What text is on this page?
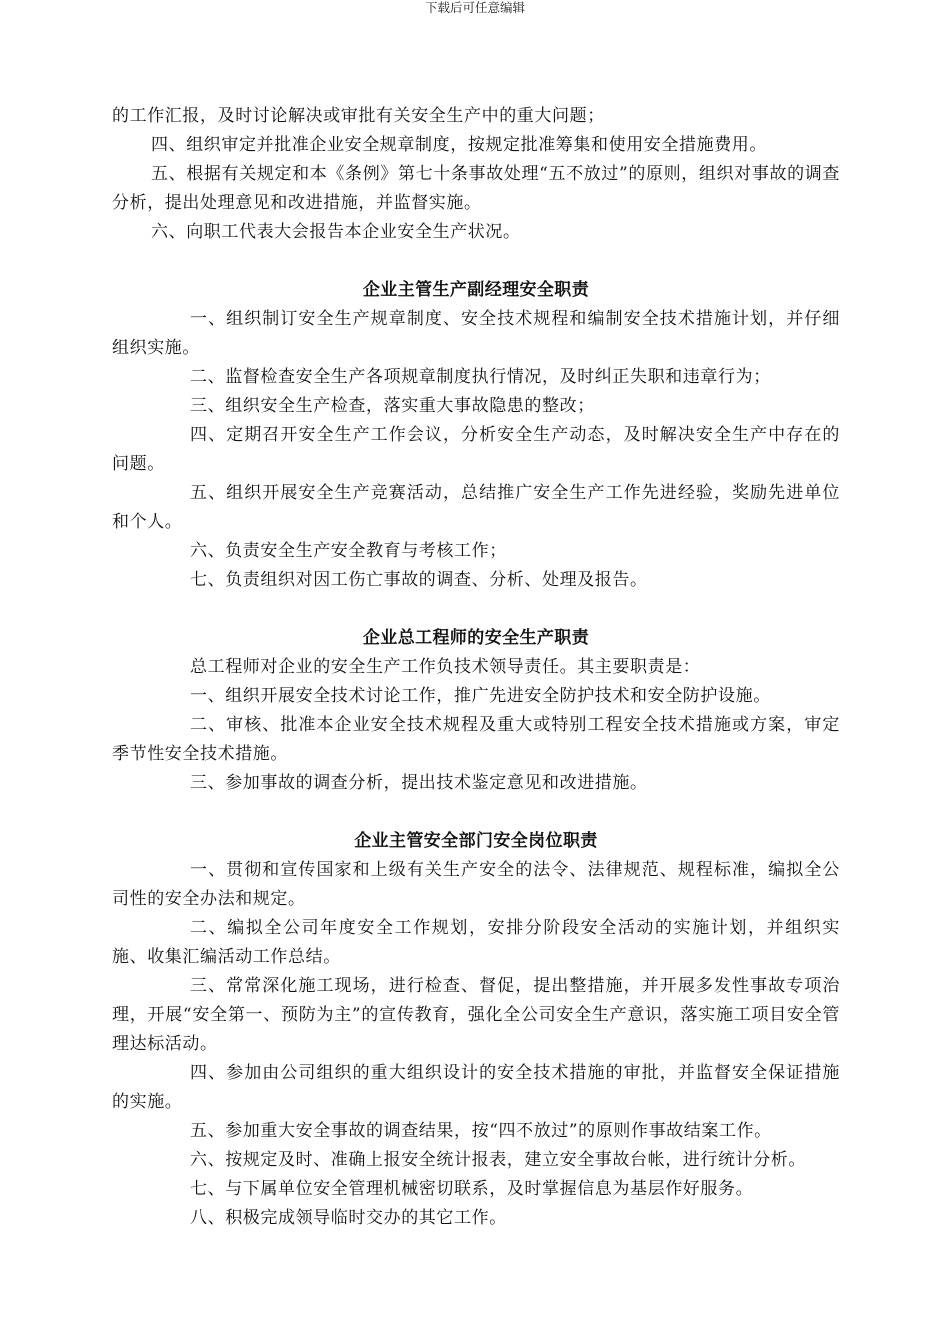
下载后可任意编辑

的工作汇报，及时讨论解决或审批有关安全生产中的重大问题；

四、组织审定并批准企业安全规章制度，按规定批准筹集和使用安全措施费用。

五、根据有关规定和本《条例》第七十条事故处理“五不放过”的原则，组织对事故的调查分析，提出处理意见和改进措施，并监督实施。

六、向职工代表大会报告本企业安全生产状况。

企业主管生产副经理安全职责

一、组织制订安全生产规章制度、安全技术规程和编制安全技术措施计划，并仔细组织实施。

二、监督检查安全生产各项规章制度执行情况，及时纠正失职和违章行为；

三、组织安全生产检查，落实重大事故隐患的整改；

四、定期召开安全生产工作会议，分析安全生产动态，及时解决安全生产中存在的问题。

五、组织开展安全生产竞赛活动，总结推广安全生产工作先进经验，奖励先进单位和个人。

六、负责安全生产安全教育与考核工作；

七、负责组织对因工伤亡事故的调查、分析、处理及报告。

企业总工程师的安全生产职责

总工程师对企业的安全生产工作负技术领导责任。其主要职责是：

一、组织开展安全技术讨论工作，推广先进安全防护技术和安全防护设施。

二、审核、批准本企业安全技术规程及重大或特别工程安全技术措施或方案，审定季节性安全技术措施。

三、参加事故的调查分析，提出技术鉴定意见和改进措施。

企业主管安全部门安全岗位职责

一、贯彻和宣传国家和上级有关生产安全的法令、法律规范、规程标准，编拟全公司性的安全办法和规定。

二、编拟全公司年度安全工作规划，安排分阶段安全活动的实施计划，并组织实施、收集汇编活动工作总结。

三、常常深化施工现场，进行检查、督促，提出整措施，并开展多发性事故专项治理，开展“安全第一、预防为主”的宣传教育，强化全公司安全生产意识，落实施工项目安全管理达标活动。

四、参加由公司组织的重大组织设计的安全技术措施的审批，并监督安全保证措施的实施。

五、参加重大安全事故的调查结果，按“四不放过”的原则作事故结案工作。

六、按规定及时、准确上报安全统计报表，建立安全事故台帐，进行统计分析。

七、与下属单位安全管理机械密切联系，及时掌握信息为基层作好服务。

八、积极完成领导临时交办的其它工作。
